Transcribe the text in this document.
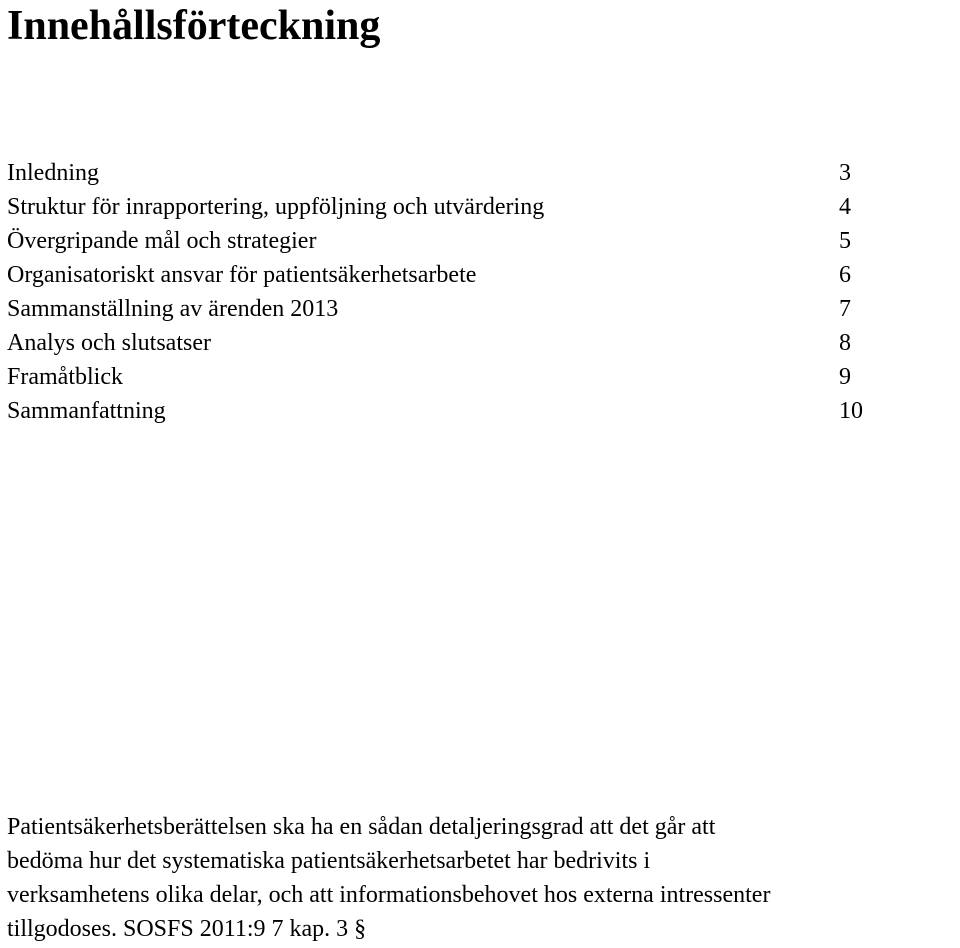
Innehållsförteckning
Inledning	3
Struktur för inrapportering, uppföljning och utvärdering	4
Övergripande mål och strategier	5
Organisatoriskt ansvar för patientsäkerhetsarbete	6
Sammanställning av ärenden 2013	7
Analys och slutsatser	8
Framåtblick	9
Sammanfattning	10

Patientsäkerhetsberättelsen ska ha en sådan detaljeringsgrad att det går att
bedöma hur det systematiska patientsäkerhetsarbetet har bedrivits i
verksamhetens olika delar, och att informationsbehovet hos externa intressenter
tillgodoses. SOSFS 2011:9 7 kap. 3 §
